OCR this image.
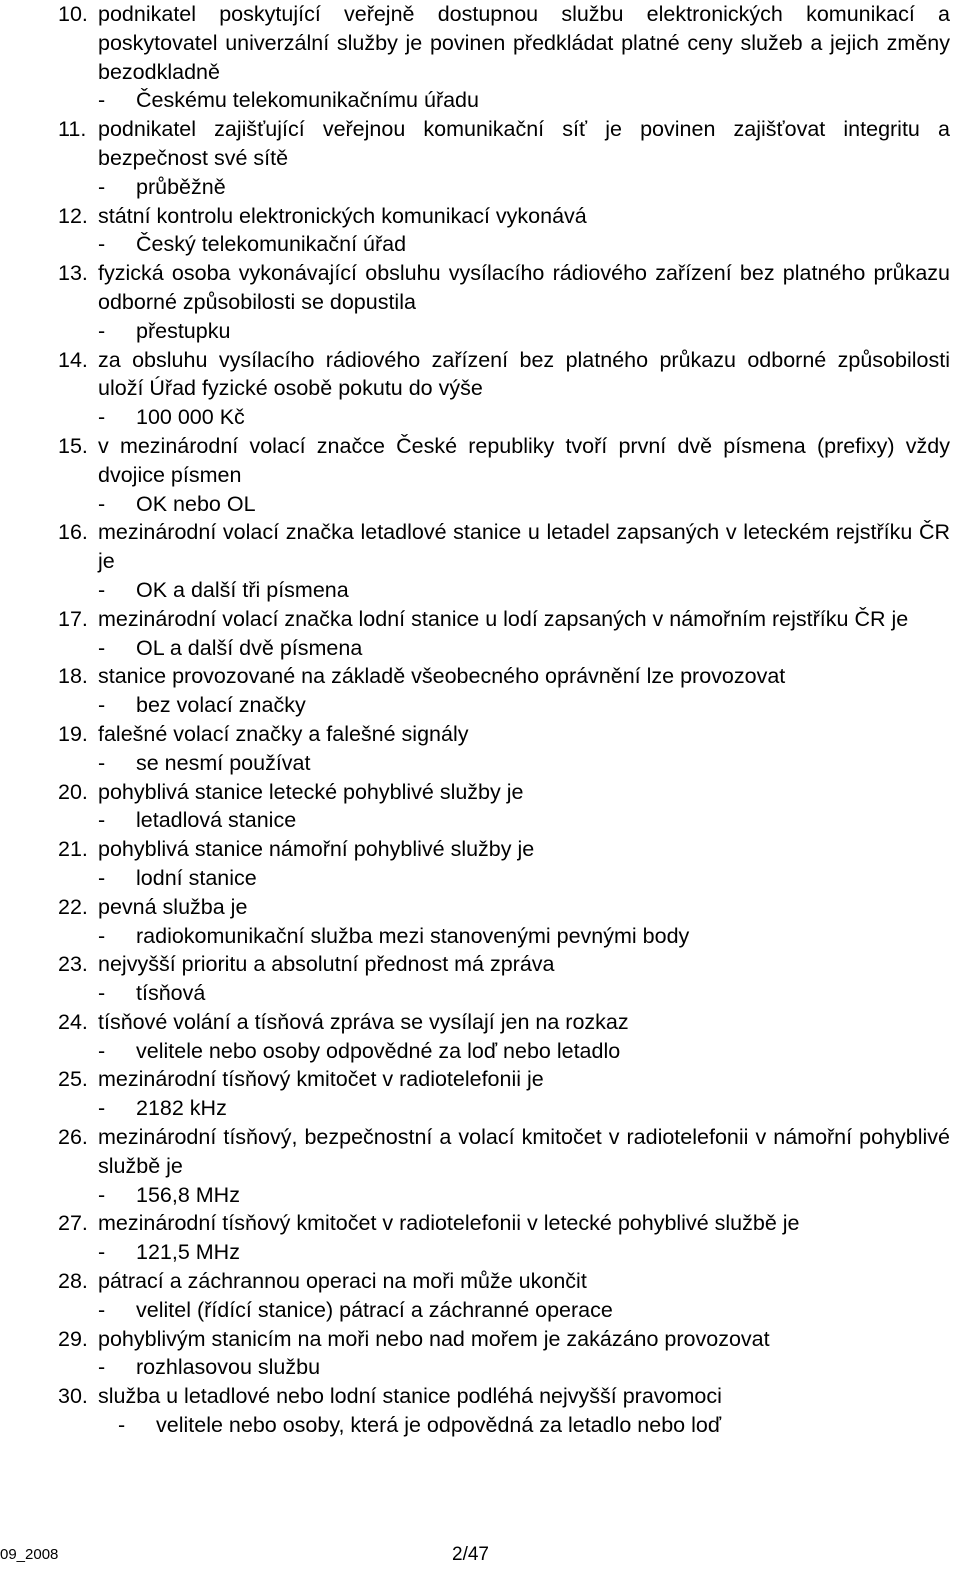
10. podnikatel poskytující veřejně dostupnou službu elektronických komunikací a poskytovatel univerzální služby je povinen předkládat platné ceny služeb a jejich změny bezodkladně
- Českému telekomunikačnímu úřadu
11. podnikatel zajišťující veřejnou komunikační síť je povinen zajišťovat integritu a bezpečnost své sítě
- průběžně
12. státní kontrolu elektronických komunikací vykonává
- Český telekomunikační úřad
13. fyzická osoba vykonávající obsluhu vysílacího rádiového zařízení bez platného průkazu odborné způsobilosti se dopustila
- přestupku
14. za obsluhu vysílacího rádiového zařízení bez platného průkazu odborné způsobilosti uloží Úřad fyzické osobě pokutu do výše
- 100 000 Kč
15. v mezinárodní volací značce České republiky tvoří první dvě písmena (prefixy) vždy dvojice písmen
- OK nebo OL
16. mezinárodní volací značka letadlové stanice u letadel zapsaných v leteckém rejstříku ČR je
- OK a další tři písmena
17. mezinárodní volací značka lodní stanice u lodí zapsaných v námořním rejstříku ČR je
- OL a další dvě písmena
18. stanice provozované na základě všeobecného oprávnění lze provozovat
- bez volací značky
19. falešné volací značky a falešné signály
- se nesmí používat
20. pohyblivá stanice letecké pohyblivé služby je
- letadlová stanice
21. pohyblivá stanice námořní pohyblivé služby je
- lodní stanice
22. pevná služba je
- radiokomunikační služba mezi stanovenými pevnými body
23. nejvyšší prioritu a absolutní přednost má zpráva
- tísňová
24. tísňové volání a tísňová zpráva se vysílají jen na rozkaz
- velitele nebo osoby odpovědné za loď nebo letadlo
25. mezinárodní tísňový kmitočet v radiotelefonii je
- 2182 kHz
26. mezinárodní tísňový, bezpečnostní a volací kmitočet v radiotelefonii v námořní pohyblivé službě je
- 156,8 MHz
27. mezinárodní tísňový kmitočet v radiotelefonii v letecké pohyblivé službě je
- 121,5 MHz
28. pátrací a záchrannou operaci na moři může ukončit
- velitel (řídící stanice) pátrací a záchranné operace
29. pohyblivým stanicím na moři nebo nad mořem je zakázáno provozovat
- rozhlasovou službu
30. služba u letadlové nebo lodní stanice podléhá nejvyšší pravomoci
- velitele nebo osoby, která je odpovědná za letadlo nebo loď
09_2008	2/47
